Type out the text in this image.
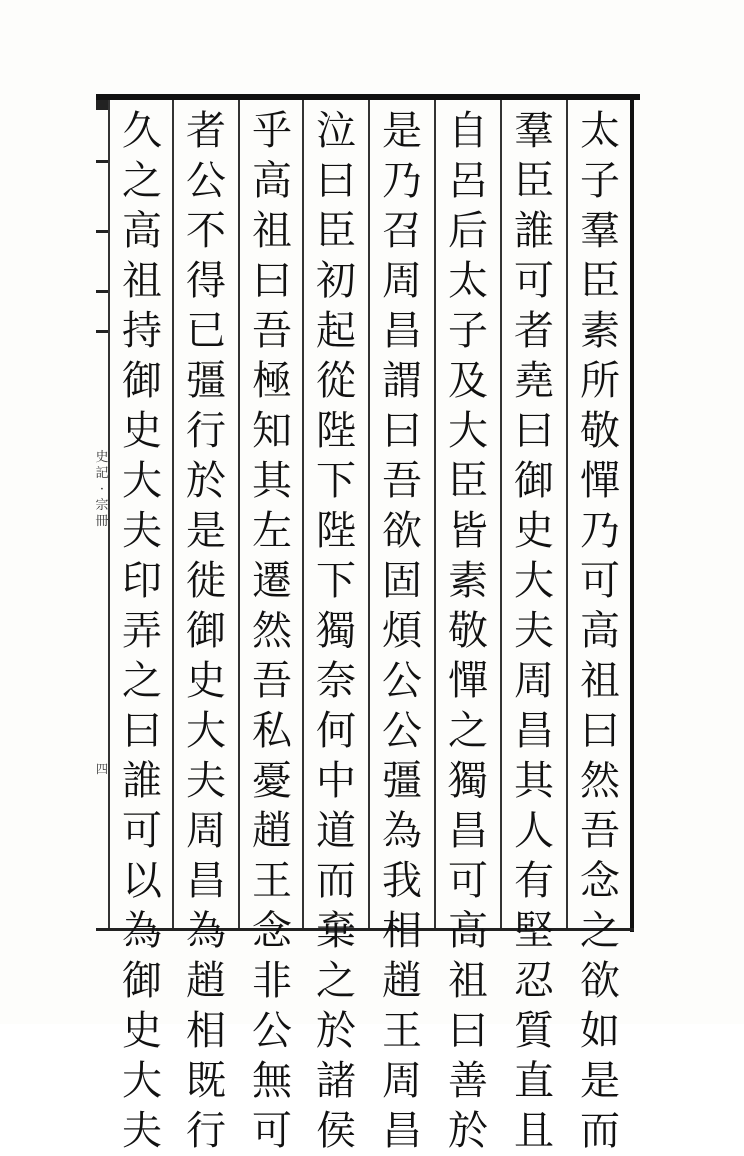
史記·宗冊
四
太
子
羣
臣
素
所
敬
憚
乃
可
高
祖
曰
然
吾
念
之
欲
如
是
而
羣
臣
誰
可
者
堯
曰
御
史
大
夫
周
昌
其
人
有
堅
忍
質
直
且
自
呂
后
太
子
及
大
臣
皆
素
敬
憚
之
獨
昌
可
高
祖
曰
善
於
是
乃
召
周
昌
謂
曰
吾
欲
固
煩
公
公
彊
為
我
相
趙
王
周
昌
泣
曰
臣
初
起
從
陛
下
陛
下
獨
奈
何
中
道
而
棄
之
於
諸
侯
乎
高
祖
曰
吾
極
知
其
左
遷
然
吾
私
憂
趙
王
念
非
公
無
可
者
公
不
得
已
彊
行
於
是
徙
御
史
大
夫
周
昌
為
趙
相
既
行
久
之
高
祖
持
御
史
大
夫
印
弄
之
曰
誰
可
以
為
御
史
大
夫
